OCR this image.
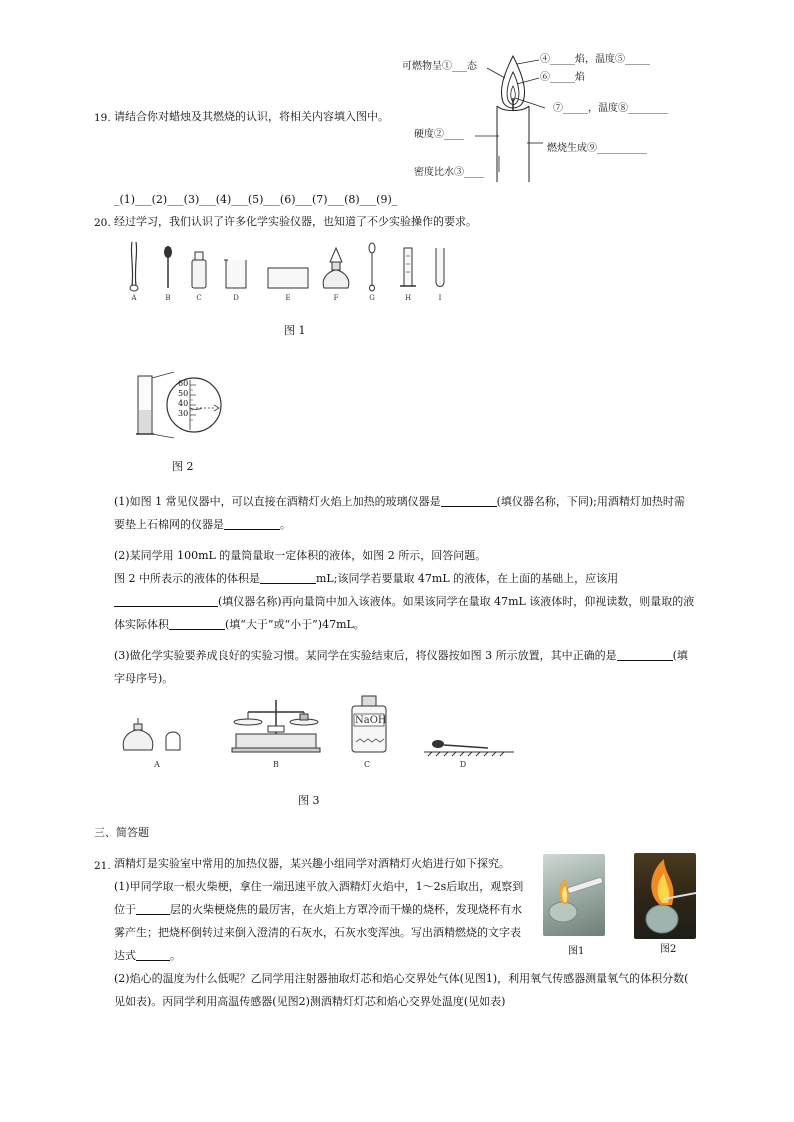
19. 请结合你对蜡烛及其燃烧的认识，将相关内容填入图中。
可燃物呈①___态
④_____焰，温度⑤_____
⑥_____焰
⑦_____，温度⑧________
硬度②____
燃烧生成⑨__________
密度比水③____
_(1)___(2)___(3)___(4)___(5)___(6)___(7)___(8)___(9)_
20. 经过学习，我们认识了许多化学实验仪器，也知道了不少实验操作的要求。
A	B	C	D	E	F	G	H	I
图 1
60
50
40
30
图 2

(1)如图 1 常见仪器中，可以直接在酒精灯火焰上加热的玻璃仪器是	(填仪器名称，下同);用酒精灯加热时需

要垫上石棉网的仪器是	。

(2)某同学用 100mL 的量筒量取一定体积的液体，如图 2 所示，回答问题。

图 2 中所表示的液体的体积是	mL;该同学若要量取 47mL 的液体，在上面的基础上，应该用

(填仪器名称)再向量筒中加入该液体。如果该同学在量取 47mL 该液体时，仰视读数，则量取的液

体实际体积	(填“大于”或“小于”)47mL。

(3)做化学实验要养成良好的实验习惯。某同学在实验结束后，将仪器按如图 3 所示放置，其中正确的是	(填

字母序号)。

NaOH
A	B	C	D
图 3
三、简答题
21. 酒精灯是实验室中常用的加热仪器，某兴趣小组同学对酒精灯火焰进行如下探究。

(1)甲同学取一根火柴梗，拿住一端迅速平放入酒精灯火焰中，1～2s后取出，观察到

位于	层的火柴梗烧焦的最厉害，在火焰上方罩冷而干燥的烧杯，发现烧杯有水

雾产生；把烧杯倒转过来倒入澄清的石灰水，石灰水变浑浊。写出酒精燃烧的文字表

达式	。	图1	图2

(2)焰心的温度为什么低呢？乙同学用注射器抽取灯芯和焰心交界处气体(见图1)，利用氧气传感器测量氧气的体积分数(

见如表)。丙同学利用高温传感器(见图2)测酒精灯灯芯和焰心交界处温度(见如表)
